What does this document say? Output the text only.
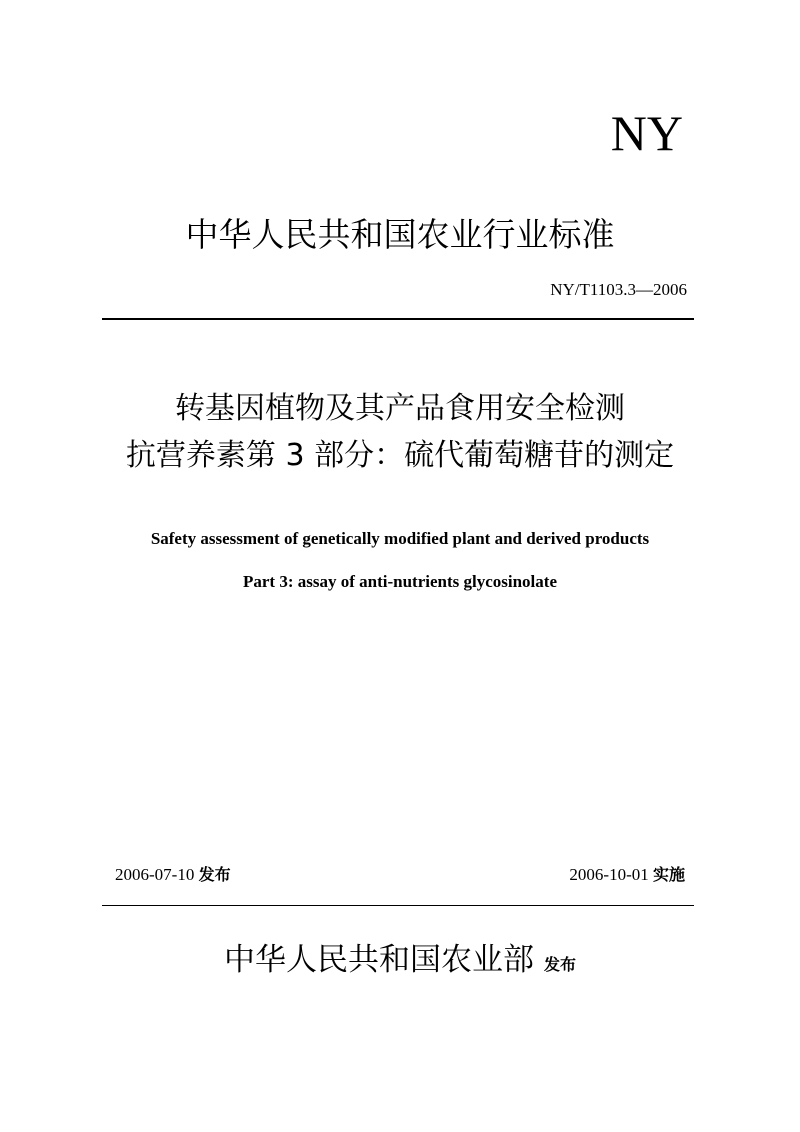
NY
中华人民共和国农业行业标准
NY/T1103.3—2006
转基因植物及其产品食用安全检测
抗营养素第 3 部分：硫代葡萄糖苷的测定
Safety assessment of genetically modified plant and derived products
Part 3: assay of anti-nutrients glycosinolate
2006-07-10 发布	2006-10-01 实施
中华人民共和国农业部 发布
